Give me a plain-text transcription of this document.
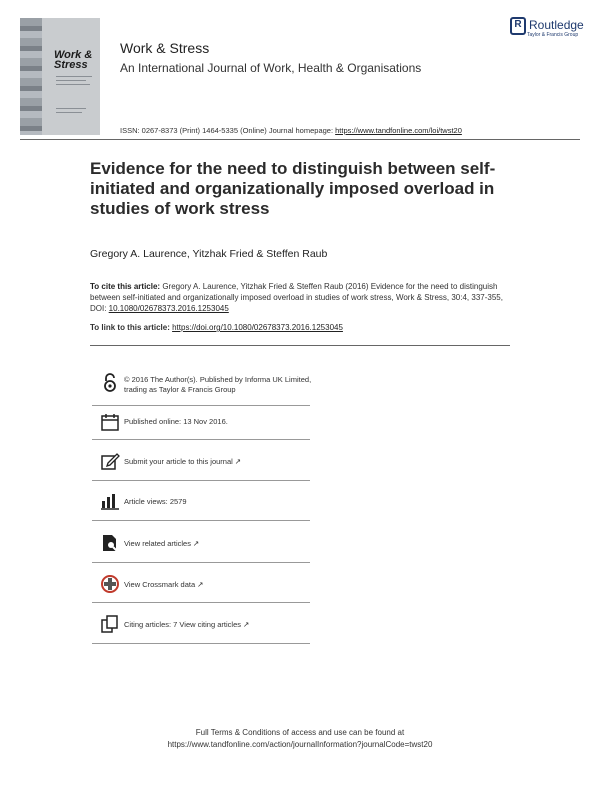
Work & Stress
R Routledge
Taylor & Francis Group
Work & Stress
An International Journal of Work, Health & Organisations
ISSN: 0267-8373 (Print) 1464-5335 (Online) Journal homepage: https://www.tandfonline.com/loi/twst20
Evidence for the need to distinguish between self-initiated and organizationally imposed overload in studies of work stress
Gregory A. Laurence, Yitzhak Fried & Steffen Raub
To cite this article: Gregory A. Laurence, Yitzhak Fried & Steffen Raub (2016) Evidence for the need to distinguish between self-initiated and organizationally imposed overload in studies of work stress, Work & Stress, 30:4, 337-355, DOI: 10.1080/02678373.2016.1253045
To link to this article: https://doi.org/10.1080/02678373.2016.1253045
© 2016 The Author(s). Published by Informa UK Limited, trading as Taylor & Francis Group
Published online: 13 Nov 2016.
Submit your article to this journal ↗
Article views: 2579
View related articles ↗
View Crossmark data ↗
Citing articles: 7 View citing articles ↗
Full Terms & Conditions of access and use can be found at
https://www.tandfonline.com/action/journalInformation?journalCode=twst20
